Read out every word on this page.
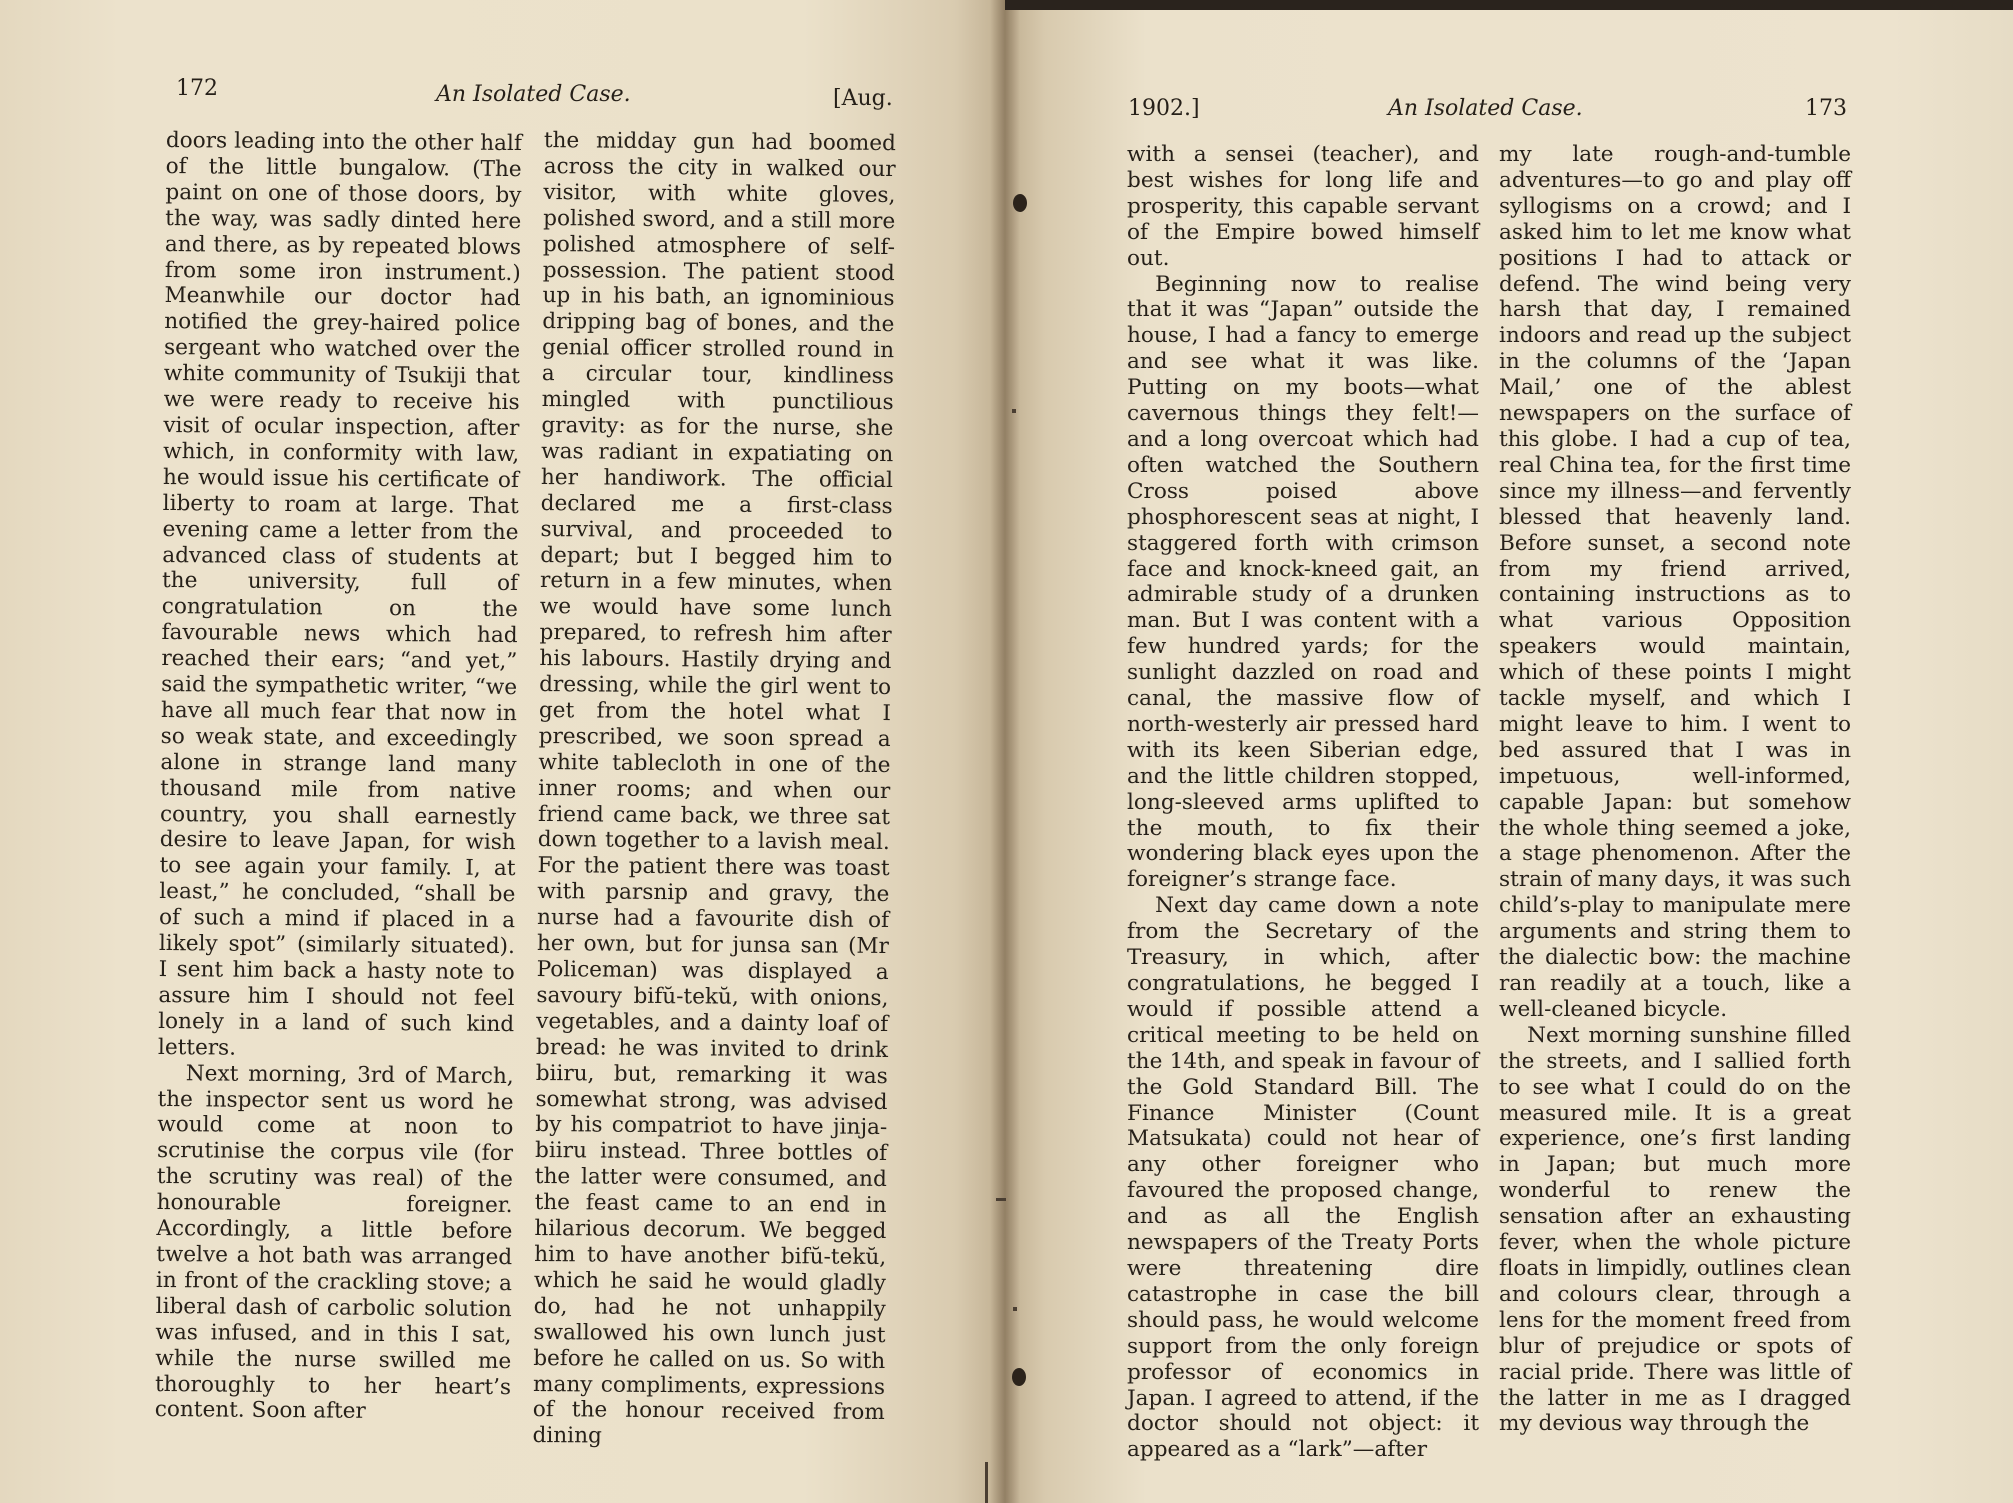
172	An Isolated Case.	[Aug.

doors leading into the other half of the little bungalow. (The paint on one of those doors, by the way, was sadly dinted here and there, as by repeated blows from some iron instrument.) Meanwhile our doctor had notified the grey-haired police sergeant who watched over the white community of Tsukiji that we were ready to receive his visit of ocular inspection, after which, in conformity with law, he would issue his certificate of liberty to roam at large. That evening came a letter from the advanced class of students at the university, full of congratulation on the favourable news which had reached their ears; “and yet,” said the sympathetic writer, “we have all much fear that now in so weak state, and exceedingly alone in strange land many thousand mile from native country, you shall earnestly desire to leave Japan, for wish to see again your family. I, at least,” he concluded, “shall be of such a mind if placed in a likely spot” (similarly situated). I sent him back a hasty note to assure him I should not feel lonely in a land of such kind letters.

Next morning, 3rd of March, the inspector sent us word he would come at noon to scrutinise the corpus vile (for the scrutiny was real) of the honourable foreigner. Accordingly, a little before twelve a hot bath was arranged in front of the crackling stove; a liberal dash of carbolic solution was infused, and in this I sat, while the nurse swilled me thoroughly to her heart’s content. Soon after

the midday gun had boomed across the city in walked our visitor, with white gloves, polished sword, and a still more polished atmosphere of self-possession. The patient stood up in his bath, an ignominious dripping bag of bones, and the genial officer strolled round in a circular tour, kindliness mingled with punctilious gravity: as for the nurse, she was radiant in expatiating on her handiwork. The official declared me a first-class survival, and proceeded to depart; but I begged him to return in a few minutes, when we would have some lunch prepared, to refresh him after his labours. Hastily drying and dressing, while the girl went to get from the hotel what I prescribed, we soon spread a white tablecloth in one of the inner rooms; and when our friend came back, we three sat down together to a lavish meal. For the patient there was toast with parsnip and gravy, the nurse had a favourite dish of her own, but for junsa san (Mr Policeman) was displayed a savoury bifŭ-tekŭ, with onions, vegetables, and a dainty loaf of bread: he was invited to drink biiru, but, remarking it was somewhat strong, was advised by his compatriot to have jinja-biiru instead. Three bottles of the latter were consumed, and the feast came to an end in hilarious decorum. We begged him to have another bifŭ-tekŭ, which he said he would gladly do, had he not unhappily swallowed his own lunch just before he called on us. So with many compliments, expressions of the honour received from dining

1902.]	An Isolated Case.	173

with a sensei (teacher), and best wishes for long life and prosperity, this capable servant of the Empire bowed himself out.

Beginning now to realise that it was “Japan” outside the house, I had a fancy to emerge and see what it was like. Putting on my boots—what cavernous things they felt!—and a long overcoat which had often watched the Southern Cross poised above phosphorescent seas at night, I staggered forth with crimson face and knock-kneed gait, an admirable study of a drunken man. But I was content with a few hundred yards; for the sunlight dazzled on road and canal, the massive flow of north-westerly air pressed hard with its keen Siberian edge, and the little children stopped, long-sleeved arms uplifted to the mouth, to fix their wondering black eyes upon the foreigner’s strange face.

Next day came down a note from the Secretary of the Treasury, in which, after congratulations, he begged I would if possible attend a critical meeting to be held on the 14th, and speak in favour of the Gold Standard Bill. The Finance Minister (Count Matsukata) could not hear of any other foreigner who favoured the proposed change, and as all the English newspapers of the Treaty Ports were threatening dire catastrophe in case the bill should pass, he would welcome support from the only foreign professor of economics in Japan. I agreed to attend, if the doctor should not object: it appeared as a “lark”—after

my late rough-and-tumble adventures—to go and play off syllogisms on a crowd; and I asked him to let me know what positions I had to attack or defend. The wind being very harsh that day, I remained indoors and read up the subject in the columns of the ‘Japan Mail,’ one of the ablest newspapers on the surface of this globe. I had a cup of tea, real China tea, for the first time since my illness—and fervently blessed that heavenly land. Before sunset, a second note from my friend arrived, containing instructions as to what various Opposition speakers would maintain, which of these points I might tackle myself, and which I might leave to him. I went to bed assured that I was in impetuous, well-informed, capable Japan: but somehow the whole thing seemed a joke, a stage phenomenon. After the strain of many days, it was such child’s-play to manipulate mere arguments and string them to the dialectic bow: the machine ran readily at a touch, like a well-cleaned bicycle.

Next morning sunshine filled the streets, and I sallied forth to see what I could do on the measured mile. It is a great experience, one’s first landing in Japan; but much more wonderful to renew the sensation after an exhausting fever, when the whole picture floats in limpidly, outlines clean and colours clear, through a lens for the moment freed from blur of prejudice or spots of racial pride. There was little of the latter in me as I dragged my devious way through the
